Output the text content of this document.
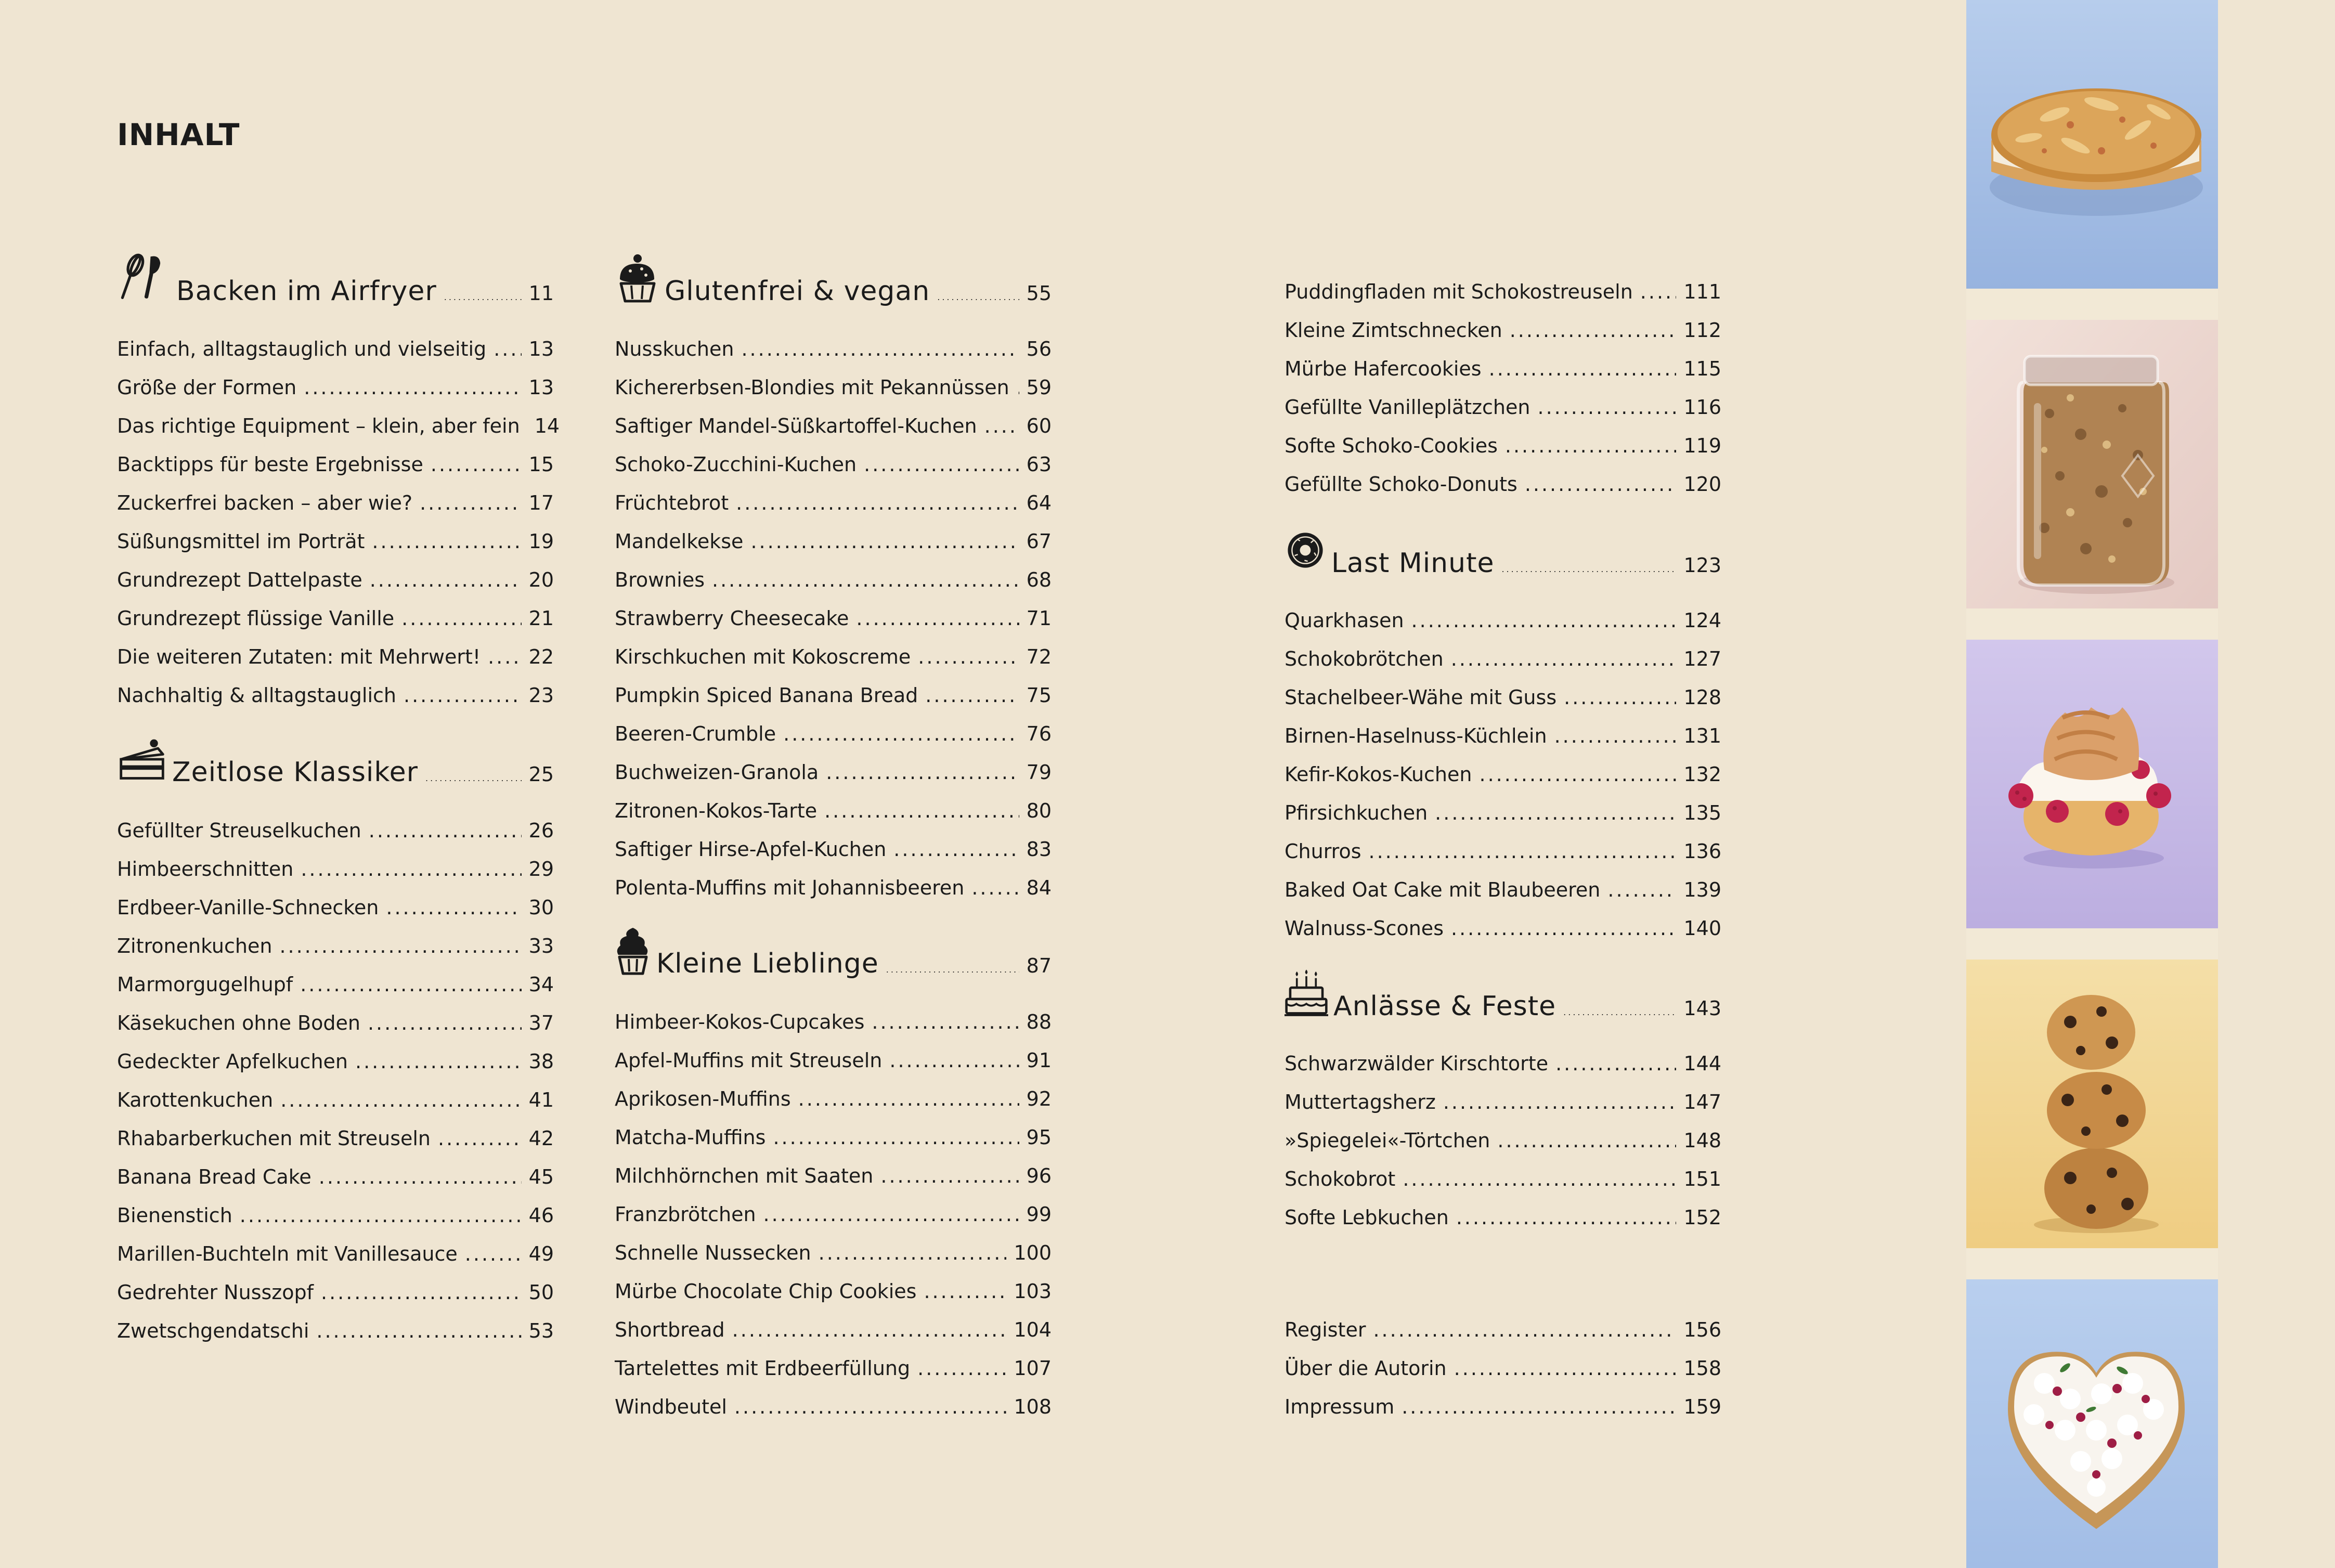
INHALT
Backen im Airfryer .....	11
Einfach, alltagstauglich und vielseitig ..... 13
Größe der Formen .....	13
Das richtige Equipment – klein, aber fein 14
Backtipps für beste Ergebnisse .....	15
Zuckerfrei backen – aber wie? .....	17
Süßungsmittel im Porträt .....	19
Grundrezept Dattelpaste .....	20
Grundrezept flüssige Vanille .....	21
Die weiteren Zutaten: mit Mehrwert! ..... 22
Nachhaltig & alltagstauglich .....	23
Zeitlose Klassiker .....	25
Gefüllter Streuselkuchen .....	26
Himbeerschnitten .....	29
Erdbeer-Vanille-Schnecken .....	30
Zitronenkuchen .....	33
Marmorgugelhupf .....	34
Käsekuchen ohne Boden .....	37
Gedeckter Apfelkuchen .....	38
Karottenkuchen .....	41
Rhabarberkuchen mit Streuseln .....	42
Banana Bread Cake .....	45
Bienenstich .....	46
Marillen-Buchteln mit Vanillesauce .....	49
Gedrehter Nusszopf .....	50
Zwetschgendatschi .....	53
Glutenfrei & vegan .....	55
Nusskuchen .....	56
Kichererbsen-Blondies mit Pekannüssen ..... 59
Saftiger Mandel-Süßkartoffel-Kuchen .....	60
Schoko-Zucchini-Kuchen .....	63
Früchtebrot .....	64
Mandelkekse .....	67
Brownies .....	68
Strawberry Cheesecake .....	71
Kirschkuchen mit Kokoscreme .....	72
Pumpkin Spiced Banana Bread .....	75
Beeren-Crumble .....	76
Buchweizen-Granola .....	79
Zitronen-Kokos-Tarte .....	80
Saftiger Hirse-Apfel-Kuchen .....	83
Polenta-Muffins mit Johannisbeeren .....	84
Kleine Lieblinge .....	87
Himbeer-Kokos-Cupcakes .....	88
Apfel-Muffins mit Streuseln .....	91
Aprikosen-Muffins .....	92
Matcha-Muffins .....	95
Milchhörnchen mit Saaten .....	96
Franzbrötchen .....	99
Schnelle Nussecken .....	100
Mürbe Chocolate Chip Cookies .....	103
Shortbread .....	104
Tartelettes mit Erdbeerfüllung .....	107
Windbeutel .....	108
Puddingfladen mit Schokostreuseln .....	111
Kleine Zimtschnecken .....	112
Mürbe Hafercookies .....	115
Gefüllte Vanilleplätzchen .....	116
Softe Schoko-Cookies .....	119
Gefüllte Schoko-Donuts .....	120
Last Minute .....	123
Quarkhasen .....	124
Schokobrötchen .....	127
Stachelbeer-Wähe mit Guss .....	128
Birnen-Haselnuss-Küchlein .....	131
Kefir-Kokos-Kuchen .....	132
Pfirsichkuchen .....	135
Churros .....	136
Baked Oat Cake mit Blaubeeren .....	139
Walnuss-Scones .....	140
Anlässe & Feste .....	143
Schwarzwälder Kirschtorte .....	144
Muttertagsherz .....	147
»Spiegelei«-Törtchen .....	148
Schokobrot .....	151
Softe Lebkuchen .....	152
Register .....	156
Über die Autorin .....	158
Impressum .....	159
